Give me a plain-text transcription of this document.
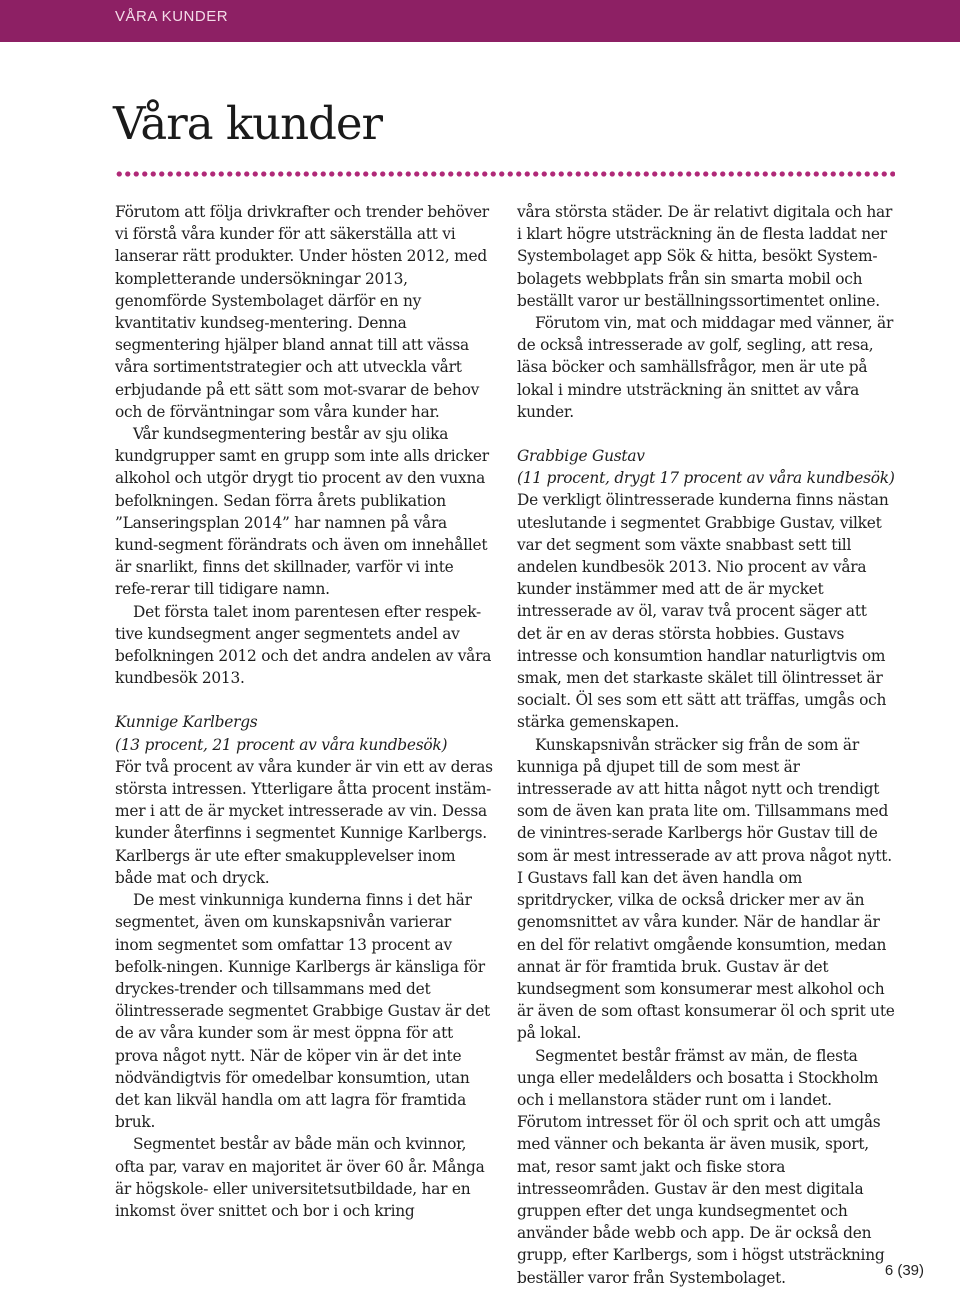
VÅRA KUNDER
Våra kunder

Förutom att följa drivkrafter och trender behöver vi förstå våra kunder för att säkerställa att vi lanserar rätt produkter. Under hösten 2012, med kompletterande undersökningar 2013, genomförde Systembolaget därför en ny kvantitativ kundseg-mentering. Denna segmentering hjälper bland annat till att vässa våra sortimentstrategier och att utveckla vårt erbjudande på ett sätt som mot-svarar de behov och de förväntningar som våra kunder har.

Vår kundsegmentering består av sju olika kundgrupper samt en grupp som inte alls dricker alkohol och utgör drygt tio procent av den vuxna befolkningen. Sedan förra årets publikation ”Lanseringsplan 2014” har namnen på våra kund-segment förändrats och även om innehållet är snarlikt, finns det skillnader, varför vi inte refe-rerar till tidigare namn.

Det första talet inom parentesen efter respek-tive kundsegment anger segmentets andel av befolkningen 2012 och det andra andelen av våra kundbesök 2013.

Kunnige Karlbergs

(13 procent, 21 procent av våra kundbesök)

För två procent av våra kunder är vin ett av deras största intressen. Ytterligare åtta procent instäm-mer i att de är mycket intresserade av vin. Dessa kunder återfinns i segmentet Kunnige Karlbergs. Karlbergs är ute efter smakupplevelser inom både mat och dryck.

De mest vinkunniga kunderna finns i det här segmentet, även om kunskapsnivån varierar inom segmentet som omfattar 13 procent av befolk-ningen. Kunnige Karlbergs är känsliga för dryckes-trender och tillsammans med det ölintresserade segmentet Grabbige Gustav är det de av våra kunder som är mest öppna för att prova något nytt. När de köper vin är det inte nödvändigtvis för omedelbar konsumtion, utan det kan likväl handla om att lagra för framtida bruk.

Segmentet består av både män och kvinnor, ofta par, varav en majoritet är över 60 år. Många är högskole- eller universitetsutbildade, har en inkomst över snittet och bor i och kring

våra största städer. De är relativt digitala och har i klart högre utsträckning än de flesta laddat ner Systembolaget app Sök & hitta, besökt System-bolagets webbplats från sin smarta mobil och beställt varor ur beställningssortimentet online.

Förutom vin, mat och middagar med vänner, är de också intresserade av golf, segling, att resa, läsa böcker och samhällsfrågor, men är ute på lokal i mindre utsträckning än snittet av våra kunder.

Grabbige Gustav

(11 procent, drygt 17 procent av våra kundbesök)

De verkligt ölintresserade kunderna finns nästan uteslutande i segmentet Grabbige Gustav, vilket var det segment som växte snabbast sett till andelen kundbesök 2013. Nio procent av våra kunder instämmer med att de är mycket intresserade av öl, varav två procent säger att det är en av deras största hobbies. Gustavs intresse och konsumtion handlar naturligtvis om smak, men det starkaste skälet till ölintresset är socialt. Öl ses som ett sätt att träffas, umgås och stärka gemenskapen.

Kunskapsnivån sträcker sig från de som är kunniga på djupet till de som mest är intresserade av att hitta något nytt och trendigt som de även kan prata lite om. Tillsammans med de vinintres-serade Karlbergs hör Gustav till de som är mest intresserade av att prova något nytt. I Gustavs fall kan det även handla om spritdrycker, vilka de också dricker mer av än genomsnittet av våra kunder. När de handlar är en del för relativt omgående konsumtion, medan annat är för framtida bruk. Gustav är det kundsegment som konsumerar mest alkohol och är även de som oftast konsumerar öl och sprit ute på lokal.

Segmentet består främst av män, de flesta unga eller medelålders och bosatta i Stockholm och i mellanstora städer runt om i landet. Förutom intresset för öl och sprit och att umgås med vänner och bekanta är även musik, sport, mat, resor samt jakt och fiske stora intresseområden. Gustav är den mest digitala gruppen efter det unga kundsegmentet och använder både webb och app. De är också den grupp, efter Karlbergs, som i högst utsträckning beställer varor från Systembolaget.	6 (39)
